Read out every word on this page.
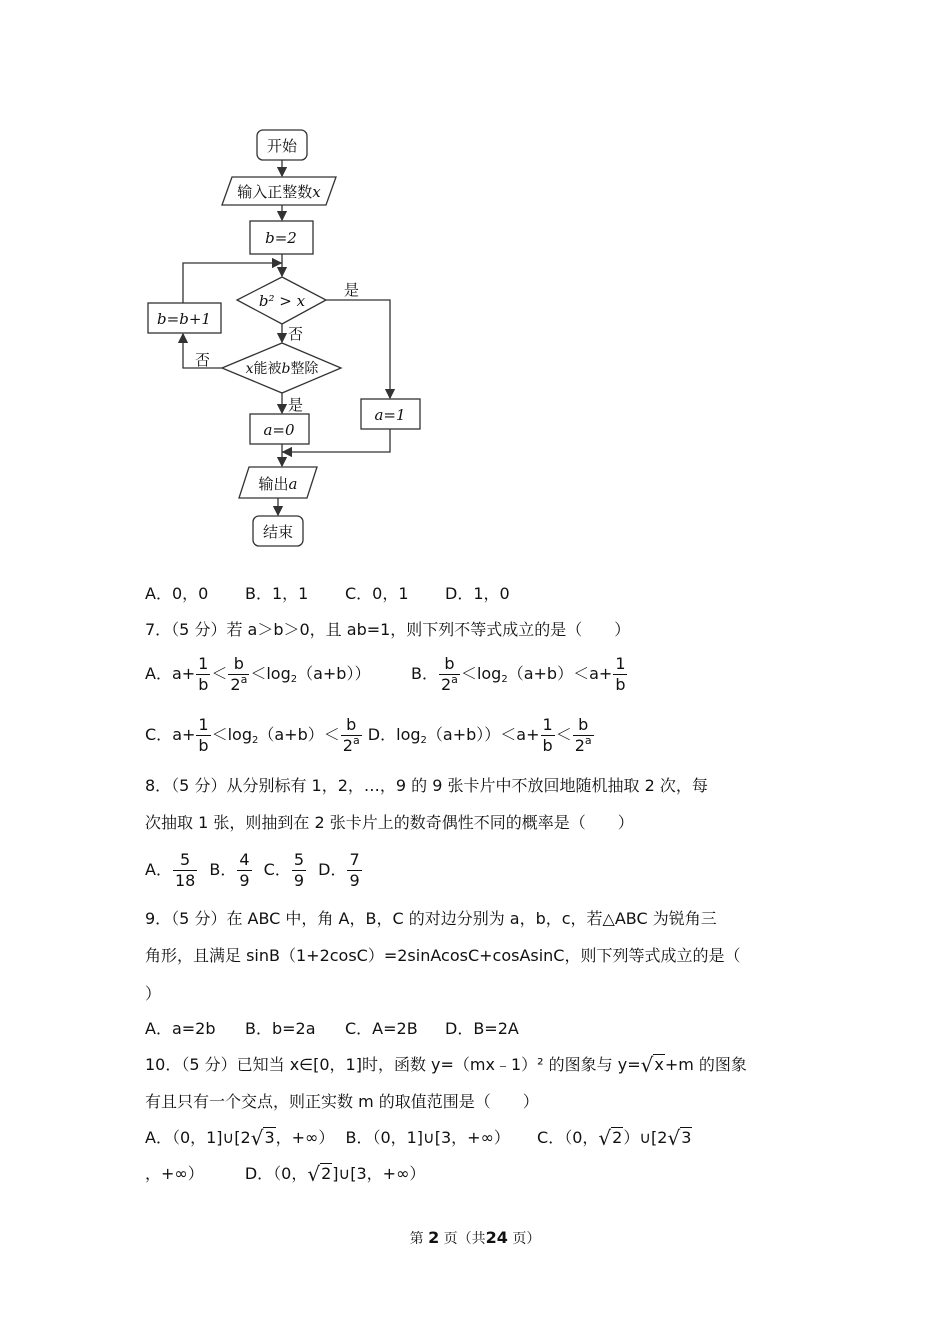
开始
输入正整数x
b=2
b² > x
是
否
x能被b整除
否
b=b+1
是
a=0
a=1
输出a
结束
A．0，0 B．1，1 C．0，1 D．1，0
7．（5 分）若 a＞b＞0，且 ab=1，则下列不等式成立的是（　　）
A．$a+ \frac{1}{b} < \frac{b}{2^a} <\log_2(a+b)$）	B． $\frac{b}{2^a} <\log_2(a+b)<a+ \frac{1}{b}$
C．$a+ \frac{1}{b} <\log_2(a+b)< \frac{b}{2^a}$ D．$\log_2(a+b))<a+ \frac{1}{b} < \frac{b}{2^a}$
8．（5 分）从分别标有 1，2，…，9 的 9 张卡片中不放回地随机抽取 2 次，每
次抽取 1 张，则抽到在 2 张卡片上的数奇偶性不同的概率是（　　）
A． $\frac{5}{18}$ B． $\frac{4}{9}$ C． $\frac{5}{9}$ D． $\frac{7}{9}$
9．（5 分）在 ABC 中，角 A，B，C 的对边分别为 a，b，c，若△ABC 为锐角三
角形，且满足 sinB（1+2cosC）=2sinAcosC+cosAsinC，则下列等式成立的是（
）
A．a=2b B．b=2a C．A=2B D．B=2A
10．（5 分）已知当 x∈[0，1]时，函数 y=（mx﹣1）² 的图象与 y=√x+m 的图象
有且只有一个交点，则正实数 m 的取值范围是（　　）
A．（0，1]∪[2√3，+∞） B．（0，1]∪[3，+∞） C．（0，√2）∪[2√3
，+∞）	D．（0，√2]∪[3，+∞）
第 2 页（共24 页）
